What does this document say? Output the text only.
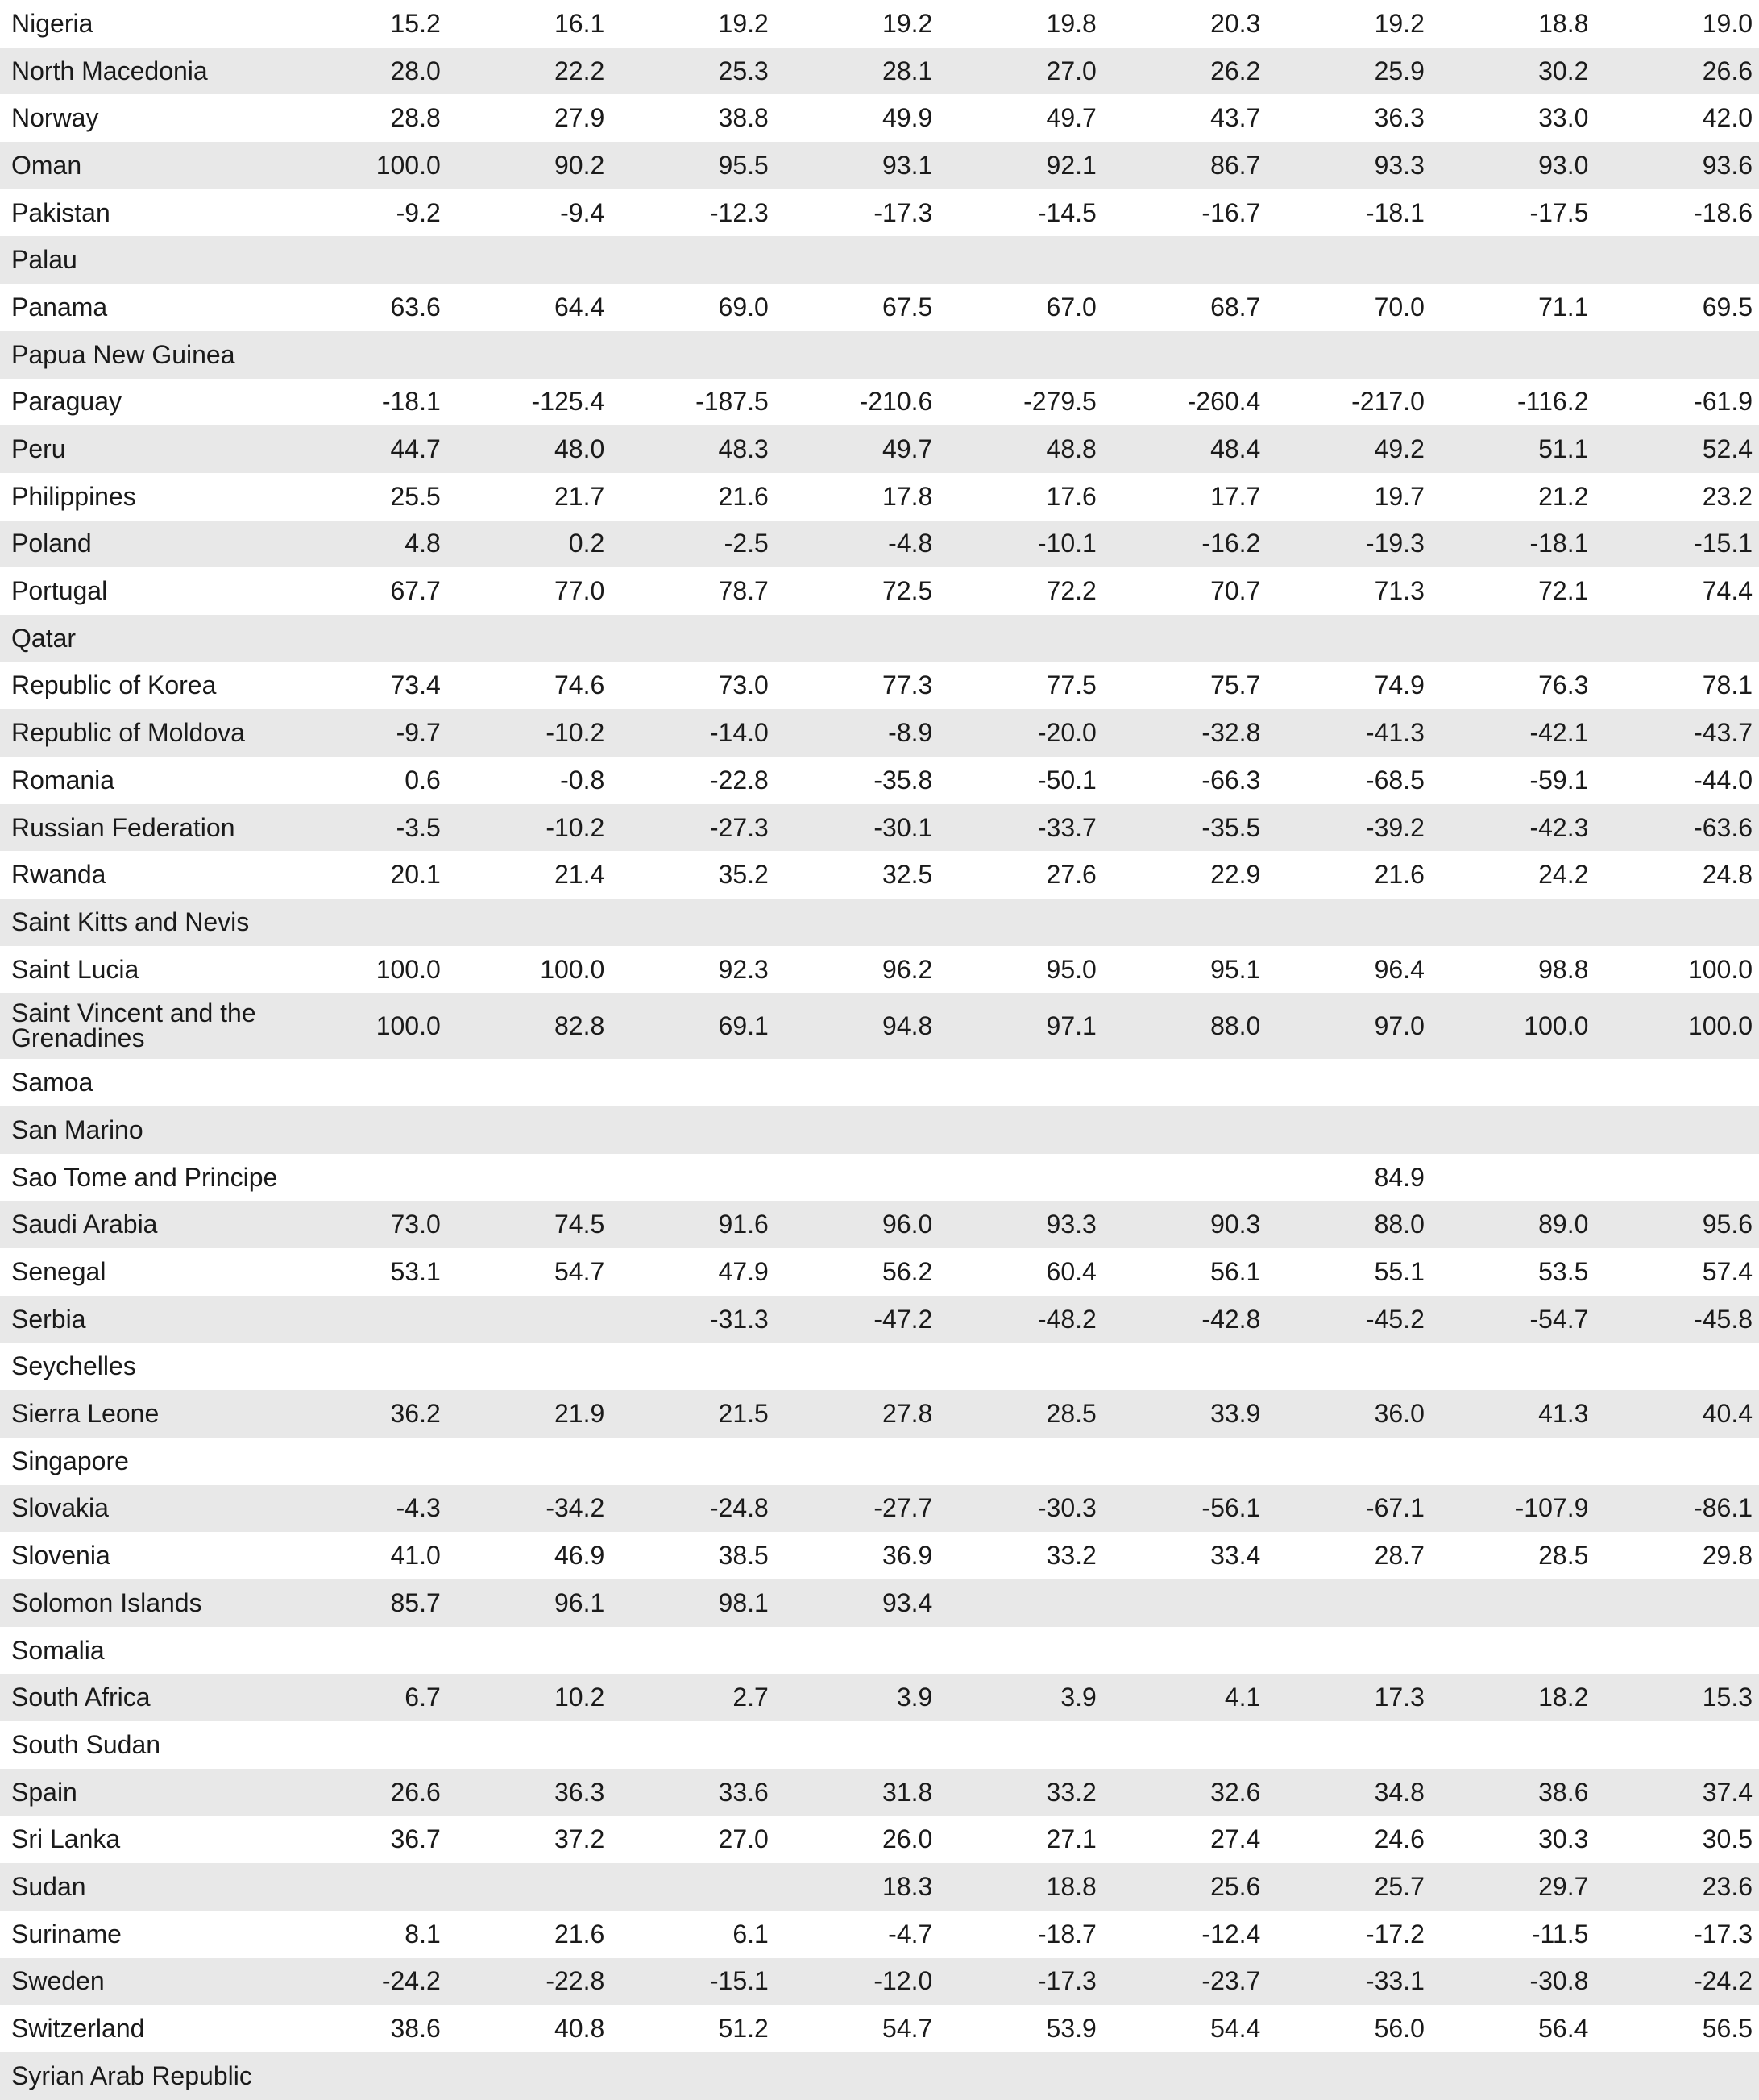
Nigeria	15.2	16.1	19.2	19.2	19.8	20.3	19.2	18.8	19.0
North Macedonia	28.0	22.2	25.3	28.1	27.0	26.2	25.9	30.2	26.6
Norway	28.8	27.9	38.8	49.9	49.7	43.7	36.3	33.0	42.0
Oman	100.0	90.2	95.5	93.1	92.1	86.7	93.3	93.0	93.6
Pakistan	-9.2	-9.4	-12.3	-17.3	-14.5	-16.7	-18.1	-17.5	-18.6
Palau									
Panama	63.6	64.4	69.0	67.5	67.0	68.7	70.0	71.1	69.5
Papua New Guinea									
Paraguay	-18.1	-125.4	-187.5	-210.6	-279.5	-260.4	-217.0	-116.2	-61.9
Peru	44.7	48.0	48.3	49.7	48.8	48.4	49.2	51.1	52.4
Philippines	25.5	21.7	21.6	17.8	17.6	17.7	19.7	21.2	23.2
Poland	4.8	0.2	-2.5	-4.8	-10.1	-16.2	-19.3	-18.1	-15.1
Portugal	67.7	77.0	78.7	72.5	72.2	70.7	71.3	72.1	74.4
Qatar									
Republic of Korea	73.4	74.6	73.0	77.3	77.5	75.7	74.9	76.3	78.1
Republic of Moldova	-9.7	-10.2	-14.0	-8.9	-20.0	-32.8	-41.3	-42.1	-43.7
Romania	0.6	-0.8	-22.8	-35.8	-50.1	-66.3	-68.5	-59.1	-44.0
Russian Federation	-3.5	-10.2	-27.3	-30.1	-33.7	-35.5	-39.2	-42.3	-63.6
Rwanda	20.1	21.4	35.2	32.5	27.6	22.9	21.6	24.2	24.8
Saint Kitts and Nevis									
Saint Lucia	100.0	100.0	92.3	96.2	95.0	95.1	96.4	98.8	100.0
Saint Vincent and the Grenadines	100.0	82.8	69.1	94.8	97.1	88.0	97.0	100.0	100.0
Samoa									
San Marino									
Sao Tome and Principe							84.9		
Saudi Arabia	73.0	74.5	91.6	96.0	93.3	90.3	88.0	89.0	95.6
Senegal	53.1	54.7	47.9	56.2	60.4	56.1	55.1	53.5	57.4
Serbia			-31.3	-47.2	-48.2	-42.8	-45.2	-54.7	-45.8
Seychelles									
Sierra Leone	36.2	21.9	21.5	27.8	28.5	33.9	36.0	41.3	40.4
Singapore									
Slovakia	-4.3	-34.2	-24.8	-27.7	-30.3	-56.1	-67.1	-107.9	-86.1
Slovenia	41.0	46.9	38.5	36.9	33.2	33.4	28.7	28.5	29.8
Solomon Islands	85.7	96.1	98.1	93.4					
Somalia									
South Africa	6.7	10.2	2.7	3.9	3.9	4.1	17.3	18.2	15.3
South Sudan									
Spain	26.6	36.3	33.6	31.8	33.2	32.6	34.8	38.6	37.4
Sri Lanka	36.7	37.2	27.0	26.0	27.1	27.4	24.6	30.3	30.5
Sudan				18.3	18.8	25.6	25.7	29.7	23.6
Suriname	8.1	21.6	6.1	-4.7	-18.7	-12.4	-17.2	-11.5	-17.3
Sweden	-24.2	-22.8	-15.1	-12.0	-17.3	-23.7	-33.1	-30.8	-24.2
Switzerland	38.6	40.8	51.2	54.7	53.9	54.4	56.0	56.4	56.5
Syrian Arab Republic									
